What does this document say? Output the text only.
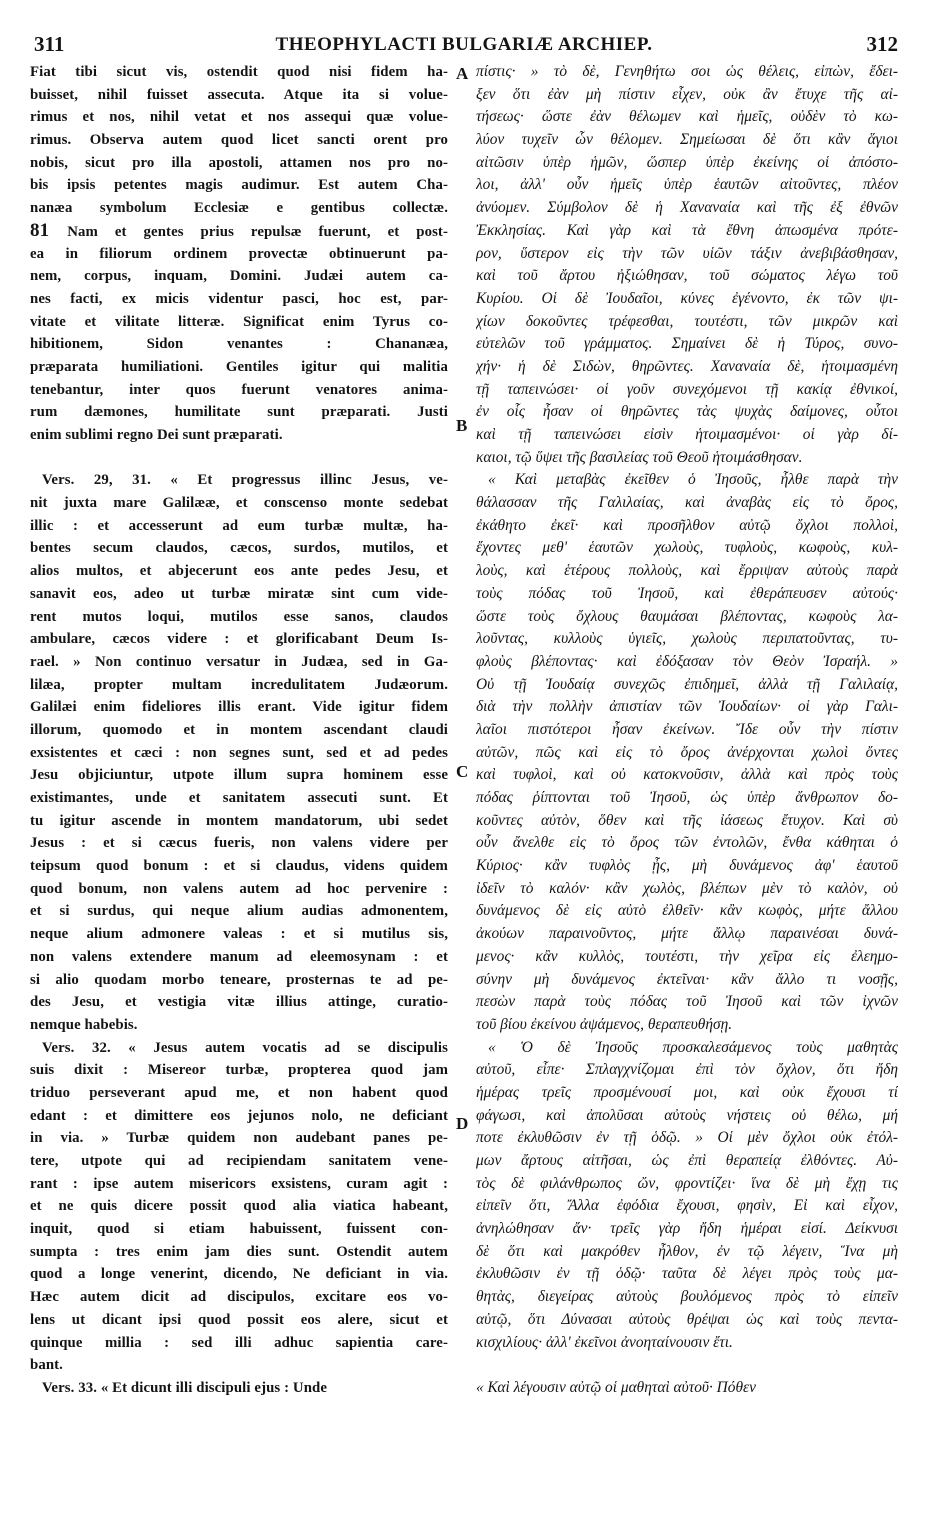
311	THEOPHYLACTI BULGARIÆ ARCHIEP.	312
Fiat tibi sicut vis, ostendit quod nisi fidem ha-
buisset, nihil fuisset assecuta. Atque ita si volue-
rimus et nos, nihil vetat et nos assequi quæ volue-
rimus. Observa autem quod licet sancti orent pro
nobis, sicut pro illa apostoli, attamen nos pro no-
bis ipsis petentes magis audimur. Est autem Cha-
nanæa symbolum Ecclesiæ e gentibus collectæ.
81 Nam et gentes prius repulsæ fuerunt, et post-
ea in filiorum ordinem provectæ obtinuerunt pa-
nem, corpus, inquam, Domini. Judæi autem ca-
nes facti, ex micis videntur pasci, hoc est, par-
vitate et vilitate litteræ. Significat enim Tyrus co-
hibitionem, Sidon venantes : Chananæa,
præparata humiliationi. Gentiles igitur qui malitia
tenebantur, inter quos fuerunt venatores anima-
rum dæmones, humilitate sunt præparati. Justi
enim sublimi regno Dei sunt præparati.
Vers. 29, 31. « Et progressus illinc Jesus, ve-
nit juxta mare Galilææ, et conscenso monte sedebat
illic : et accesserunt ad eum turbæ multæ, ha-
bentes secum claudos, cæcos, surdos, mutilos, et
alios multos, et abjecerunt eos ante pedes Jesu, et
sanavit eos, adeo ut turbæ miratæ sint cum vide-
rent mutos loqui, mutilos esse sanos, claudos
ambulare, cæcos videre : et glorificabant Deum Is-
rael. » Non continuo versatur in Judæa, sed in Ga-
lilæa, propter multam incredulitatem Judæorum.
Galilæi enim fideliores illis erant. Vide igitur fidem
illorum, quomodo et in montem ascendant claudi
exsistentes et cæci : non segnes sunt, sed et ad pedes
Jesu objiciuntur, utpote illum supra hominem esse
existimantes, unde et sanitatem assecuti sunt. Et
tu igitur ascende in montem mandatorum, ubi sedet
Jesus : et si cæcus fueris, non valens videre per
teipsum quod bonum : et si claudus, videns quidem
quod bonum, non valens autem ad hoc pervenire :
et si surdus, qui neque alium audias admonentem,
neque alium admonere valeas : et si mutilus sis,
non valens extendere manum ad eleemosynam : et
si alio quodam morbo teneare, prosternas te ad pe-
des Jesu, et vestigia vitæ illius attinge, curatio-
nemque habebis.
Vers. 32. « Jesus autem vocatis ad se discipulis
suis dixit : Misereor turbæ, propterea quod jam
triduo perseverant apud me, et non habent quod
edant : et dimittere eos jejunos nolo, ne deficiant
in via. » Turbæ quidem non audebant panes pe-
tere, utpote qui ad recipiendam sanitatem vene-
rant : ipse autem misericors exsistens, curam agit :
et ne quis dicere possit quod alia viatica habeant,
inquit, quod si etiam habuissent, fuissent con-
sumpta : tres enim jam dies sunt. Ostendit autem
quod a longe venerint, dicendo, Ne deficiant in via.
Hæc autem dicit ad discipulos, excitare eos vo-
lens ut dicant ipsi quod possit eos alere, sicut et
quinque millia : sed illi adhuc sapientia care-
bant.
Vers. 33. « Et dicunt illi discipuli ejus : Unde
πίστις· » τὸ δὲ, Γενηθήτω σοι ὡς θέλεις, εἰπὼν, ἔδει-
ξεν ὅτι ἐὰν μὴ πίστιν εἶχεν, οὐκ ἂν ἔτυχε τῆς αἰ-
τήσεως· ὥστε ἐὰν θέλωμεν καὶ ἡμεῖς, οὐδὲν τὸ κω-
λύον τυχεῖν ὧν θέλομεν. Σημείωσαι δὲ ὅτι κἂν ἅγιοι
αἰτῶσιν ὑπὲρ ἡμῶν, ὥσπερ ὑπὲρ ἐκείνης οἱ ἀπόστο-
λοι, ἀλλ' οὖν ἡμεῖς ὑπὲρ ἑαυτῶν αἰτοῦντες, πλέον
ἀνύομεν. Σύμβολον δὲ ἡ Χαναναία καὶ τῆς ἐξ ἐθνῶν
Ἐκκλησίας. Καὶ γὰρ καὶ τὰ ἔθνη ἀπωσμένα πρότε-
ρον, ὕστερον εἰς τὴν τῶν υἱῶν τάξιν ἀνεβιβάσθησαν,
καὶ τοῦ ἄρτου ἠξιώθησαν, τοῦ σώματος λέγω τοῦ
Κυρίου. Οἱ δὲ Ἰουδαῖοι, κύνες ἐγένοντο, ἐκ τῶν ψι-
χίων δοκοῦντες τρέφεσθαι, τουτέστι, τῶν μικρῶν καὶ
εὐτελῶν τοῦ γράμματος. Σημαίνει δὲ ἡ Τύρος, συνο-
χήν· ἡ δὲ Σιδὼν, θηρῶντες. Χαναναία δὲ, ἡτοιμασμένη
τῇ ταπεινώσει· οἱ γοῦν συνεχόμενοι τῇ κακίᾳ ἐθνικοί,
ἐν οἷς ἦσαν οἱ θηρῶντες τὰς ψυχὰς δαίμονες, οὗτοι
καὶ τῇ ταπεινώσει εἰσὶν ἡτοιμασμένοι· οἱ γὰρ δί-
καιοι, τῷ ὕψει τῆς βασιλείας τοῦ Θεοῦ ἡτοιμάσθησαν.
« Καὶ μεταβὰς ἐκεῖθεν ὁ Ἰησοῦς, ἦλθε παρὰ τὴν
θάλασσαν τῆς Γαλιλαίας, καὶ ἀναβὰς εἰς τὸ ὄρος,
ἐκάθητο ἐκεῖ· καὶ προσῆλθον αὐτῷ ὄχλοι πολλοὶ,
ἔχοντες μεθ' ἑαυτῶν χωλοὺς, τυφλοὺς, κωφοὺς, κυλ-
λοὺς, καὶ ἑτέρους πολλοὺς, καὶ ἔρριψαν αὐτοὺς παρὰ
τοὺς πόδας τοῦ Ἰησοῦ, καὶ ἐθεράπευσεν αὐτούς·
ὥστε τοὺς ὄχλους θαυμάσαι βλέποντας, κωφοὺς λα-
λοῦντας, κυλλοὺς ὑγιεῖς, χωλοὺς περιπατοῦντας, τυ-
φλοὺς βλέποντας· καὶ ἐδόξασαν τὸν Θεὸν Ἰσραήλ. »
Οὐ τῇ Ἰουδαίᾳ συνεχῶς ἐπιδημεῖ, ἀλλὰ τῇ Γαλιλαίᾳ,
διὰ τὴν πολλὴν ἀπιστίαν τῶν Ἰουδαίων· οἱ γὰρ Γαλι-
λαῖοι πιστότεροι ἦσαν ἐκείνων. Ἴδε οὖν τὴν πίστιν
αὐτῶν, πῶς καὶ εἰς τὸ ὄρος ἀνέρχονται χωλοὶ ὄντες
καὶ τυφλοὶ, καὶ οὐ κατοκνοῦσιν, ἀλλὰ καὶ πρὸς τοὺς
πόδας ῥίπτονται τοῦ Ἰησοῦ, ὡς ὑπὲρ ἄνθρωπον δο-
κοῦντες αὐτὸν, ὅθεν καὶ τῆς ἰάσεως ἔτυχον. Καὶ σὺ
οὖν ἄνελθε εἰς τὸ ὄρος τῶν ἐντολῶν, ἔνθα κάθηται ὁ
Κύριος· κἂν τυφλὸς ᾖς, μὴ δυνάμενος ἀφ' ἑαυτοῦ
ἰδεῖν τὸ καλόν· κἂν χωλὸς, βλέπων μὲν τὸ καλὸν, οὐ
δυνάμενος δὲ εἰς αὐτὸ ἐλθεῖν· κἂν κωφὸς, μήτε ἄλλου
ἀκούων παραινοῦντος, μήτε ἄλλῳ παραινέσαι δυνά-
μενος· κἂν κυλλὸς, τουτέστι, τὴν χεῖρα εἰς ἐλεημο-
σύνην μὴ δυνάμενος ἐκτεῖναι· κἂν ἄλλο τι νοσῇς,
πεσὼν παρὰ τοὺς πόδας τοῦ Ἰησοῦ καὶ τῶν ἰχνῶν
τοῦ βίου ἐκείνου ἀψάμενος, θεραπευθήσῃ.
« Ὁ δὲ Ἰησοῦς προσκαλεσάμενος τοὺς μαθητὰς
αὐτοῦ, εἶπε· Σπλαγχνίζομαι ἐπὶ τὸν ὄχλον, ὅτι ἤδη
ἡμέρας τρεῖς προσμένουσί μοι, καὶ οὐκ ἔχουσι τί
φάγωσι, καὶ ἀπολῦσαι αὐτοὺς νήστεις οὐ θέλω, μή
ποτε ἐκλυθῶσιν ἐν τῇ ὁδῷ. » Οἱ μὲν ὄχλοι οὐκ ἐτόλ-
μων ἄρτους αἰτῆσαι, ὡς ἐπὶ θεραπείᾳ ἐλθόντες. Αὐ-
τὸς δὲ φιλάνθρωπος ὤν, φροντίζει· ἵνα δὲ μὴ ἔχῃ τις
εἰπεῖν ὅτι, Ἄλλα ἐφόδια ἔχουσι, φησὶν, Εἰ καὶ εἶχον,
ἀνηλώθησαν ἄν· τρεῖς γὰρ ἤδη ἡμέραι εἰσί. Δείκνυσι
δὲ ὅτι καὶ μακρόθεν ἦλθον, ἐν τῷ λέγειν, Ἵνα μὴ
ἐκλυθῶσιν ἐν τῇ ὁδῷ· ταῦτα δὲ λέγει πρὸς τοὺς μα-
θητὰς, διεγείρας αὐτοὺς βουλόμενος πρὸς τὸ εἰπεῖν
αὐτῷ, ὅτι Δύνασαι αὐτοὺς θρέψαι ὡς καὶ τοὺς πεντα-
κισχιλίους· ἀλλ' ἐκεῖνοι ἀνοηταίνουσιν ἔτι.
« Καὶ λέγουσιν αὐτῷ οἱ μαθηταὶ αὐτοῦ· Πόθεν
A
B
C
D
